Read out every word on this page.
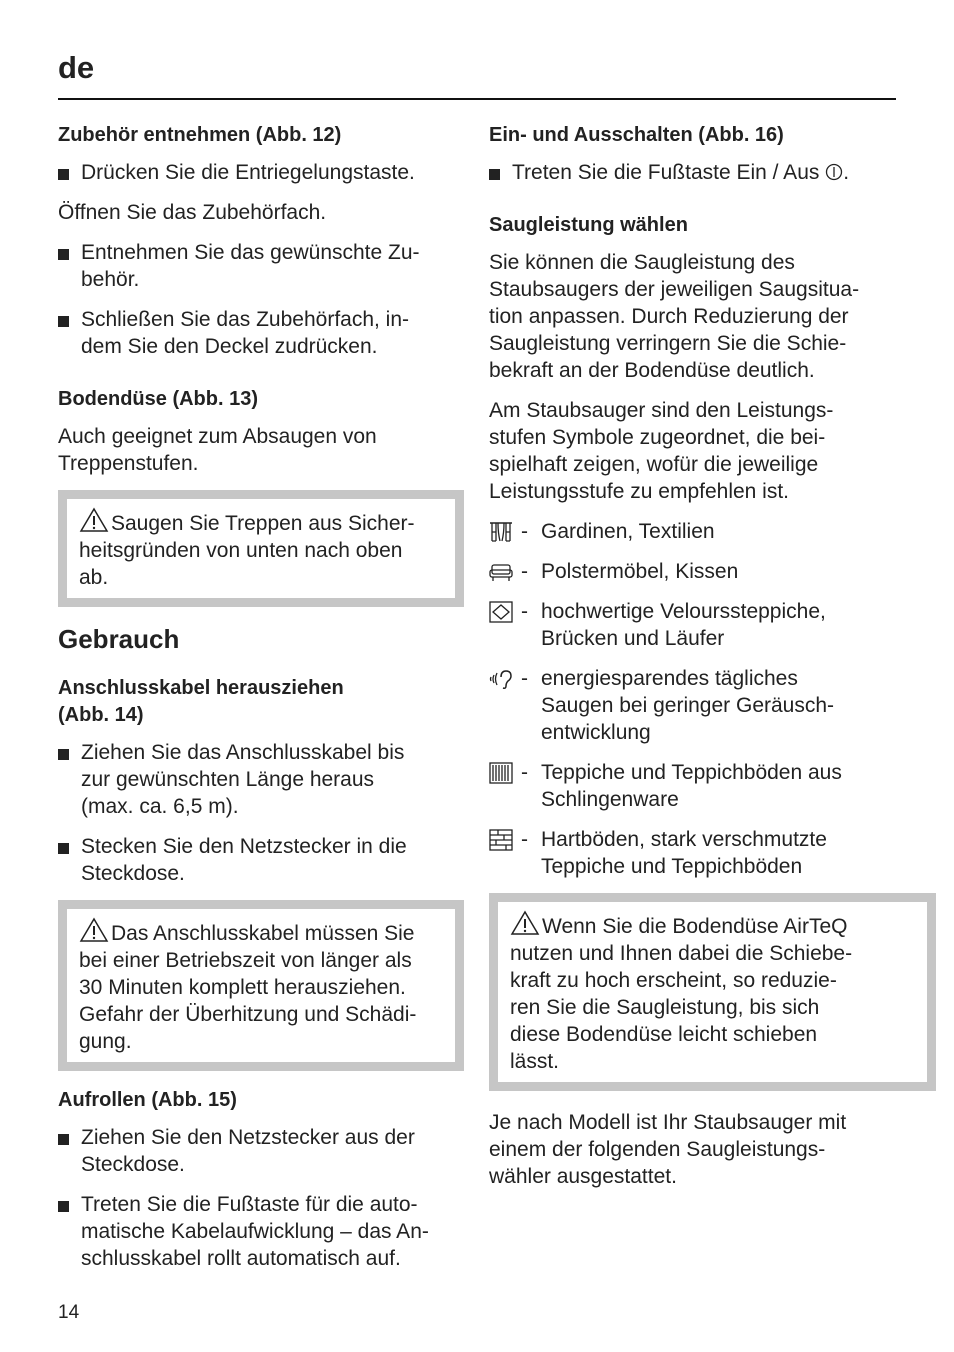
de
Zubehör entnehmen (Abb. 12)
Drücken Sie die Entriegelungstaste.

Öffnen Sie das Zubehörfach.

Entnehmen Sie das gewünschte Zu-
behör.
Schließen Sie das Zubehörfach, in-
dem Sie den Deckel zudrücken.
Bodendüse (Abb. 13)

Auch geeignet zum Absaugen von
Treppenstufen.

Saugen Sie Treppen aus Sicher-
heitsgründen von unten nach oben
ab.
Gebrauch
Anschlusskabel herausziehen
(Abb. 14)
Ziehen Sie das Anschlusskabel bis
zur gewünschten Länge heraus
(max. ca. 6,5 m).
Stecken Sie den Netzstecker in die
Steckdose.
Das Anschlusskabel müssen Sie
bei einer Betriebszeit von länger als
30 Minuten komplett herausziehen.
Gefahr der Überhitzung und Schädi-
gung.
Aufrollen (Abb. 15)
Ziehen Sie den Netzstecker aus der
Steckdose.
Treten Sie die Fußtaste für die auto-
matische Kabelaufwicklung – das An-
schlusskabel rollt automatisch auf.
Ein- und Ausschalten (Abb. 16)
Treten Sie die Fußtaste Ein / Aus .
Saugleistung wählen

Sie können die Saugleistung des
Staubsaugers der jeweiligen Saugsitua-
tion anpassen. Durch Reduzierung der
Saugleistung verringern Sie die Schie-
bekraft an der Bodendüse deutlich.

Am Staubsauger sind den Leistungs-
stufen Symbole zugeordnet, die bei-
spielhaft zeigen, wofür die jeweilige
Leistungsstufe zu empfehlen ist.

- Gardinen, Textilien
- Polstermöbel, Kissen
- hochwertige Velourssteppiche,
Brücken und Läufer
- energiesparendes tägliches
Saugen bei geringer Geräusch-
entwicklung
- Teppiche und Teppichböden aus
Schlingenware
- Hartböden, stark verschmutzte
Teppiche und Teppichböden
Wenn Sie die Bodendüse AirTeQ
nutzen und Ihnen dabei die Schiebe-
kraft zu hoch erscheint, so reduzie-
ren Sie die Saugleistung, bis sich
diese Bodendüse leicht schieben
lässt.

Je nach Modell ist Ihr Staubsauger mit
einem der folgenden Saugleistungs-
wähler ausgestattet.

14
